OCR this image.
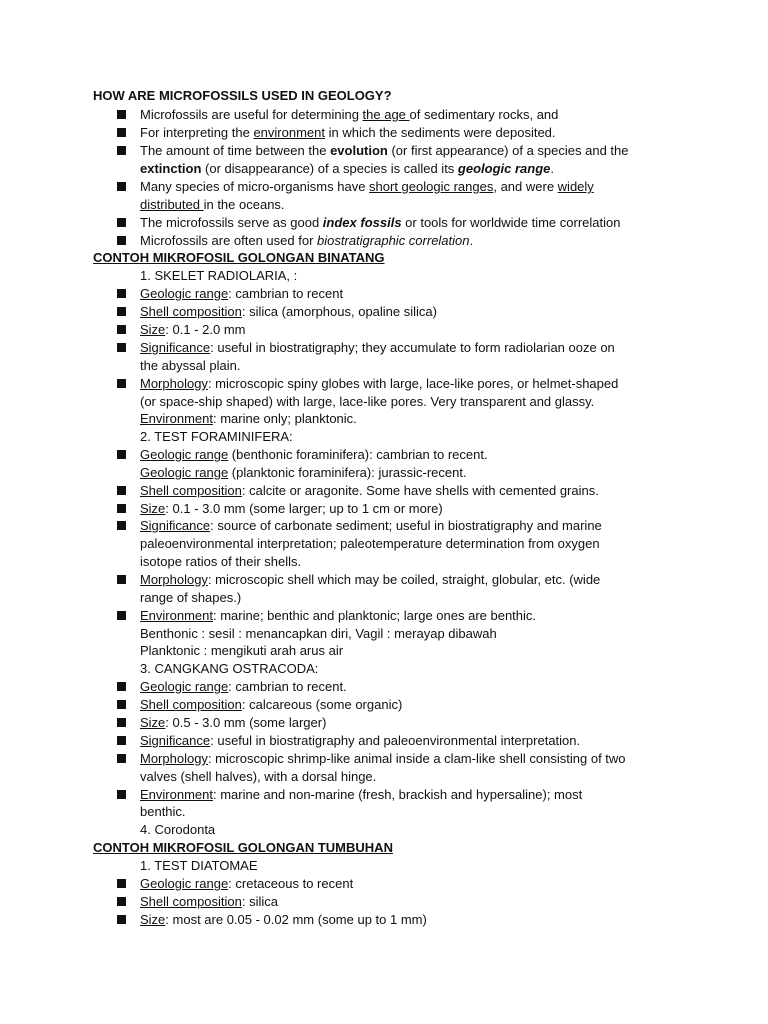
HOW ARE MICROFOSSILS USED IN GEOLOGY?
Microfossils are useful for determining the age of sedimentary rocks, and
For interpreting the environment in which the sediments were deposited.
The amount of time between the evolution (or first appearance) of a species and the
extinction (or disappearance) of a species is called its geologic range.
Many species of micro-organisms have short geologic ranges, and were widely
distributed in the oceans.
The microfossils serve as good index fossils or tools for worldwide time correlation
Microfossils are often used for biostratigraphic correlation.
CONTOH MIKROFOSIL GOLONGAN BINATANG
1. SKELET RADIOLARIA, :
Geologic range: cambrian to recent
Shell composition: silica (amorphous, opaline silica)
Size: 0.1 - 2.0 mm
Significance: useful in biostratigraphy; they accumulate to form radiolarian ooze on
the abyssal plain.
Morphology: microscopic spiny globes with large, lace-like pores, or helmet-shaped
(or space-ship shaped) with large, lace-like pores. Very transparent and glassy.
Environment: marine only; planktonic.
2. TEST FORAMINIFERA:
Geologic range (benthonic foraminifera): cambrian to recent.
Geologic range (planktonic foraminifera): jurassic-recent.
Shell composition: calcite or aragonite. Some have shells with cemented grains.
Size: 0.1 - 3.0 mm (some larger; up to 1 cm or more)
Significance: source of carbonate sediment; useful in biostratigraphy and marine
paleoenvironmental interpretation; paleotemperature determination from oxygen
isotope ratios of their shells.
Morphology: microscopic shell which may be coiled, straight, globular, etc. (wide
range of shapes.)
Environment: marine; benthic and planktonic; large ones are benthic.
Benthonic : sesil : menancapkan diri, Vagil : merayap dibawah
Planktonic : mengikuti arah arus air
3. CANGKANG OSTRACODA:
Geologic range: cambrian to recent.
Shell composition: calcareous (some organic)
Size: 0.5 - 3.0 mm (some larger)
Significance: useful in biostratigraphy and paleoenvironmental interpretation.
Morphology: microscopic shrimp-like animal inside a clam-like shell consisting of two
valves (shell halves), with a dorsal hinge.
Environment: marine and non-marine (fresh, brackish and hypersaline); most
benthic.
4. Corodonta
CONTOH MIKROFOSIL GOLONGAN TUMBUHAN
1. TEST DIATOMAE
Geologic range: cretaceous to recent
Shell composition: silica
Size: most are 0.05 - 0.02 mm (some up to 1 mm)
